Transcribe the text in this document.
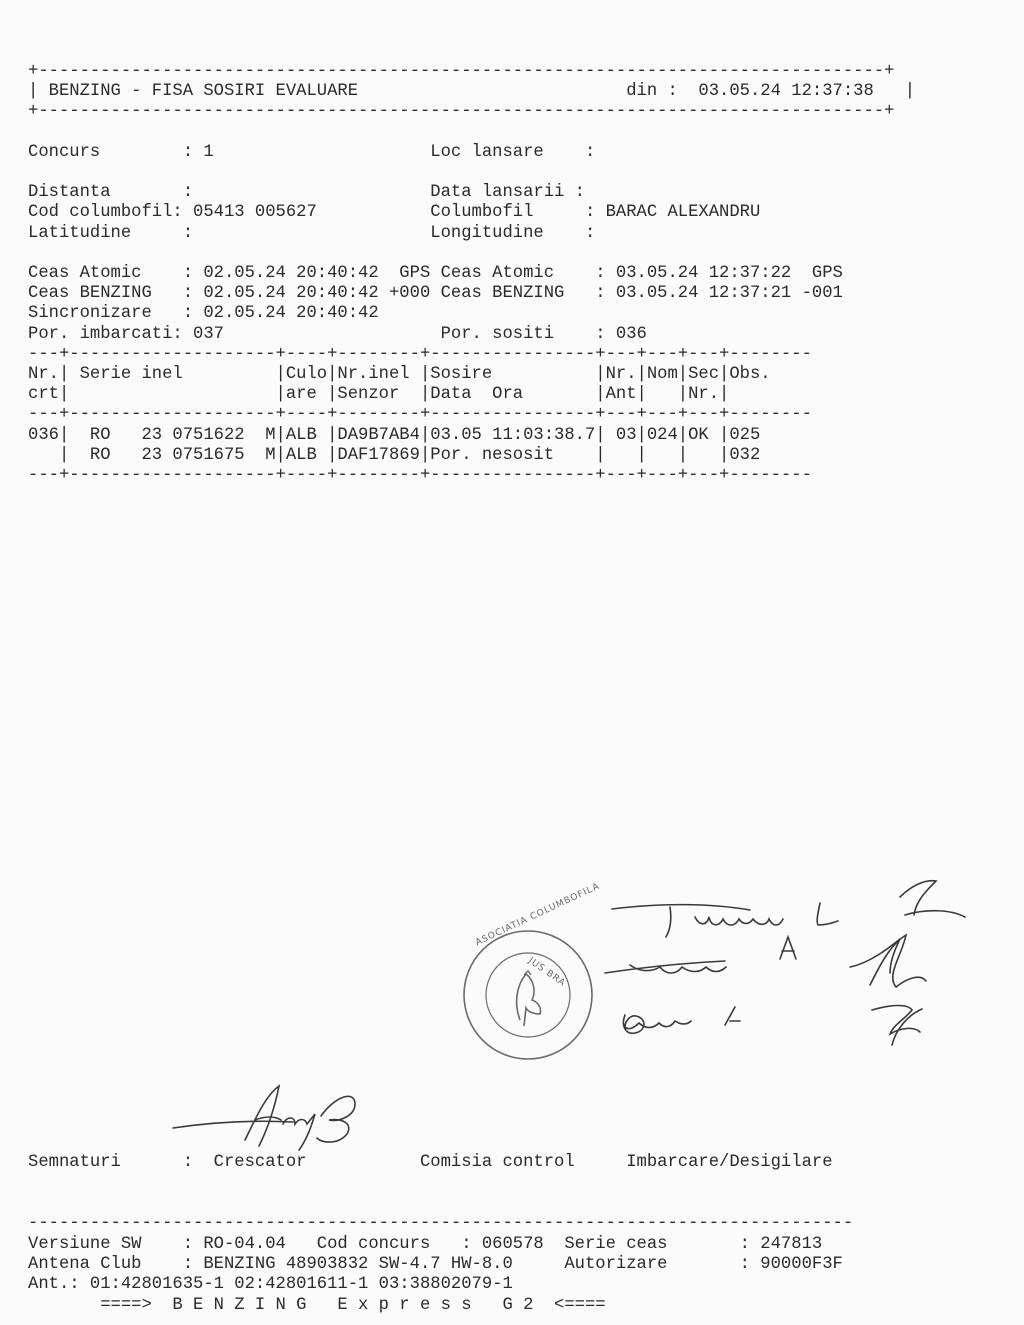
+----------------------------------------------------------------------------------+
| BENZING - FISA SOSIRI EVALUARE                          din :  03.05.24 12:37:38   |
+----------------------------------------------------------------------------------+
Concurs        : 1                     Loc lansare    :
Distanta       :                       Data lansarii :
Cod columbofil: 05413 005627           Columbofil     : BARAC ALEXANDRU
Latitudine     :                       Longitudine    :
Ceas Atomic    : 02.05.24 20:40:42  GPS Ceas Atomic    : 03.05.24 12:37:22  GPS
Ceas BENZING   : 02.05.24 20:40:42 +000 Ceas BENZING   : 03.05.24 12:37:21 -001
Sincronizare   : 02.05.24 20:40:42
Por. imbarcati: 037                     Por. sositi    : 036
---+--------------------+----+--------+----------------+---+---+---+--------
Nr.| Serie inel         |Culo|Nr.inel |Sosire          |Nr.|Nom|Sec|Obs.
crt|                    |are |Senzor  |Data  Ora       |Ant|   |Nr.|
---+--------------------+----+--------+----------------+---+---+---+--------
036|  RO   23 0751622  M|ALB |DA9B7AB4|03.05 11:03:38.7| 03|024|OK |025
|  RO   23 0751675  M|ALB |DAF17869|Por. nesosit    |   |   |   |032
---+--------------------+----+--------+----------------+---+---+---+--------
ASOCIATIA COLUMBOFILA
JUS BRA
Semnaturi      :  Crescator           Comisia control     Imbarcare/Desigilare
--------------------------------------------------------------------------------
Versiune SW    : RO-04.04   Cod concurs   : 060578  Serie ceas       : 247813
Antena Club    : BENZING 48903832 SW-4.7 HW-8.0     Autorizare       : 90000F3F
Ant.: 01:42801635-1 02:42801611-1 03:38802079-1
====>  B E N Z I N G   E x p r e s s   G 2  <====
